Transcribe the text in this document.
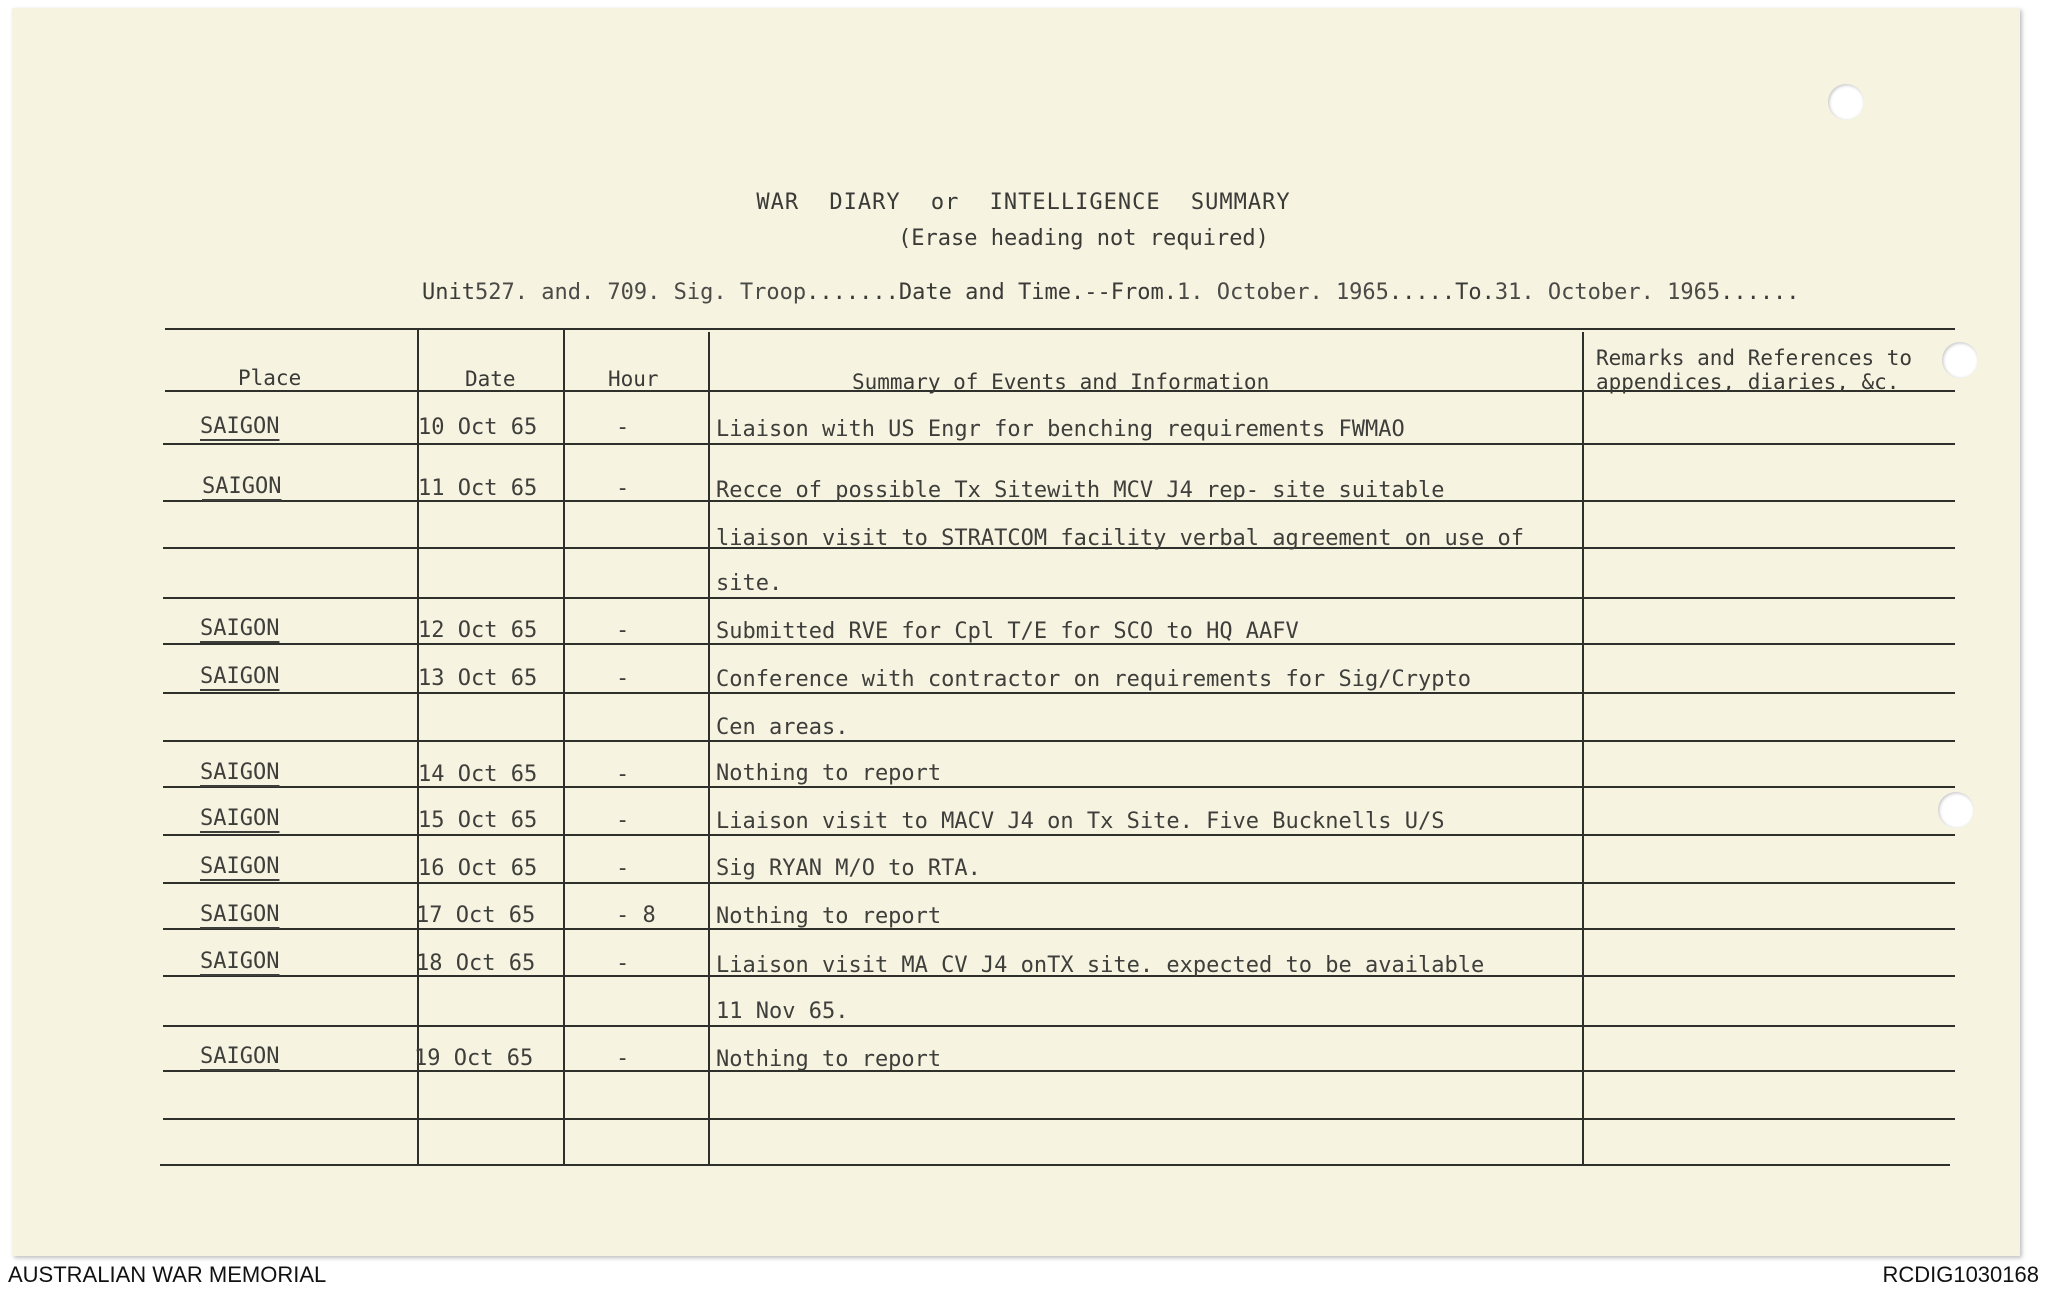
WAR DIARY or INTELLIGENCE SUMMARY
(Erase heading not required)
Unit527. and. 709. Sig. Troop.......Date and Time.--From.1. October. 1965.....To.31. October. 1965......
Place	Date	Hour	Summary of Events and Information
Remarks and References to
appendices, diaries, &c.
SAIGON	10 Oct 65	-	Liaison with US Engr for benching requirements FWMAO
SAIGON	11 Oct 65	-	Recce of possible Tx Sitewith MCV J4 rep- site suitable
liaison visit to STRATCOM facility verbal agreement on use of
site.
SAIGON	12 Oct 65	-	Submitted RVE for Cpl T/E for SCO to HQ AAFV
SAIGON	13 Oct 65	-	Conference with contractor on requirements for Sig/Crypto
Cen areas.
SAIGON	14 Oct 65	-	Nothing to report
SAIGON	15 Oct 65	-	Liaison visit to MACV J4 on Tx Site. Five Bucknells U/S
SAIGON	16 Oct 65	-	Sig RYAN M/O to RTA.
SAIGON	17 Oct 65	- 8	Nothing to report
SAIGON	18 Oct 65	-	Liaison visit MA CV J4 onTX site. expected to be available
11 Nov 65.
SAIGON	19 Oct 65	-	Nothing to report
AUSTRALIAN WAR MEMORIAL	RCDIG1030168
